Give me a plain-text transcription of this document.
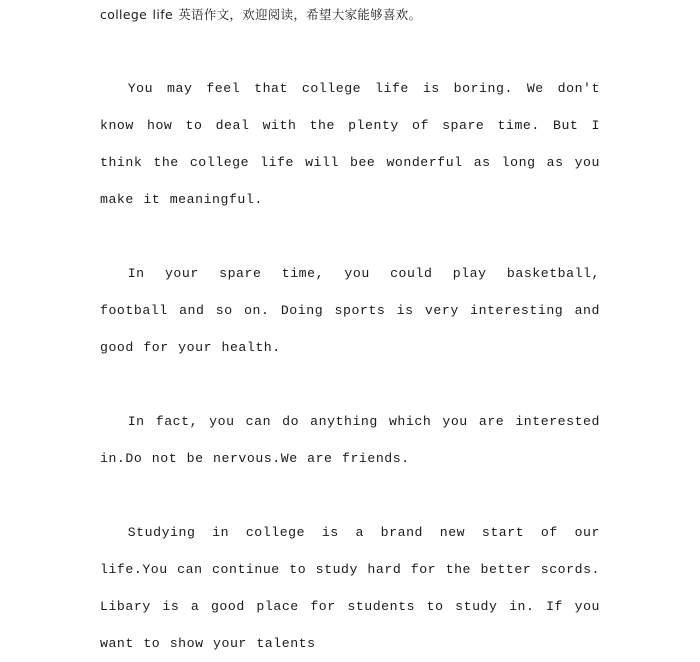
college life 英语作文，欢迎阅读，希望大家能够喜欢。

You may feel that college life is boring. We don't know how to deal with the plenty of spare time. But I think the college life will bee wonderful as long as you make it meaningful.

In your spare time, you could play basketball, football and so on. Doing sports is very interesting and good for your health.

In fact, you can do anything which you are interested in.Do not be nervous.We are friends.

Studying in college is a brand new start of our life.You can continue to study hard for the better scords. Libary is a good place for students to study in. If you want to show your talents
